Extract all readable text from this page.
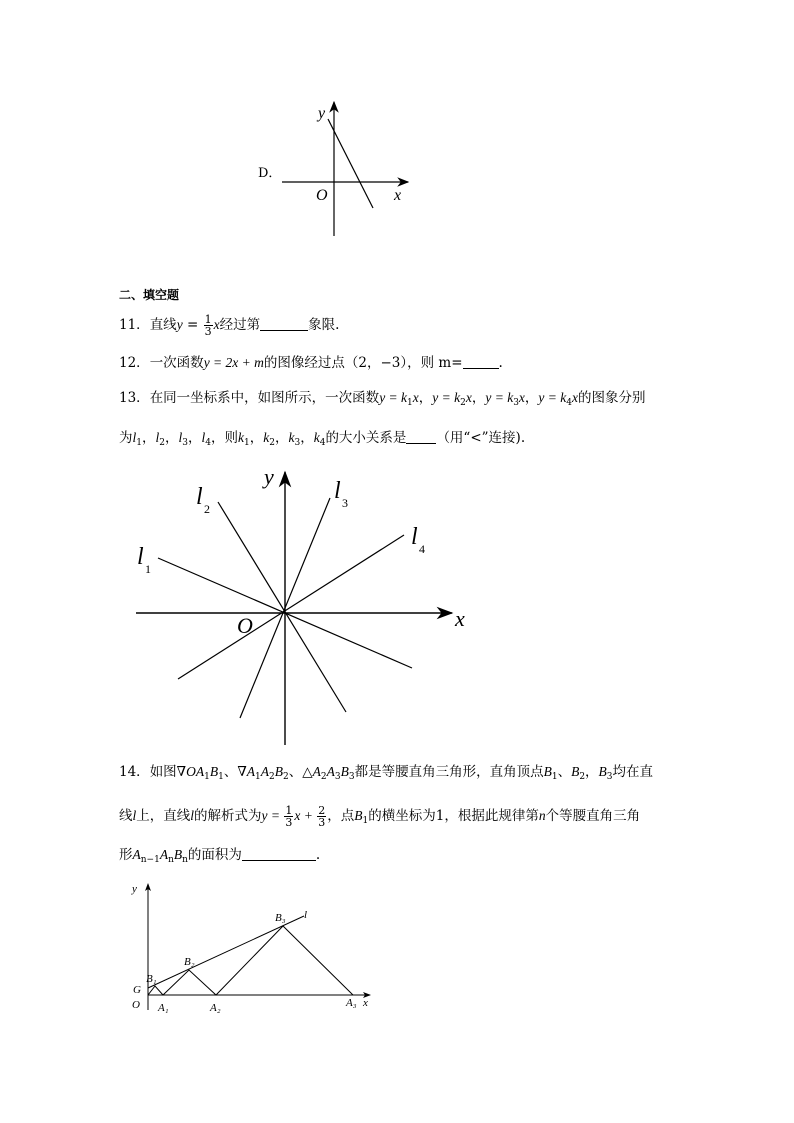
D．
y
x
O
二、填空题
11．直线$y = \frac{1}{3}$ x经过第	象限.
12．一次函数y = 2x + m的图像经过点（2，−3），则 m=	.
13．在同一坐标系中，如图所示，一次函数$y = k_1x$，$y = k_2x$，$y = k_3x$，$y = k_4x$的图象分别
为$l_1$，$l_2$，$l_3$，$l_4$，则$k_1$，$k_2$，$k_3$，$k_4$的大小关系是 （用“<”连接).
y
x
O
l 1
l 2
l 3
l 4
14．如图$\nabla OA_1B_1$、$\nabla A_1A_2B_2$、$\triangle A_2A_3B_3$都是等腰直角三角形，直角顶点$B_1$、$B_2$，$B_3$均在直
线l上，直线l的解析式为$y = \frac{1}{3}$ $x + \frac{2}{3}$ ，点$B_1$的横坐标为1，根据此规律第n个等腰直角三角
形$A_{n-1}A_nB_n$的面积为	.
y
x
O
G
B₁
B₂
B₃ l
A₁	A₂	A₃
